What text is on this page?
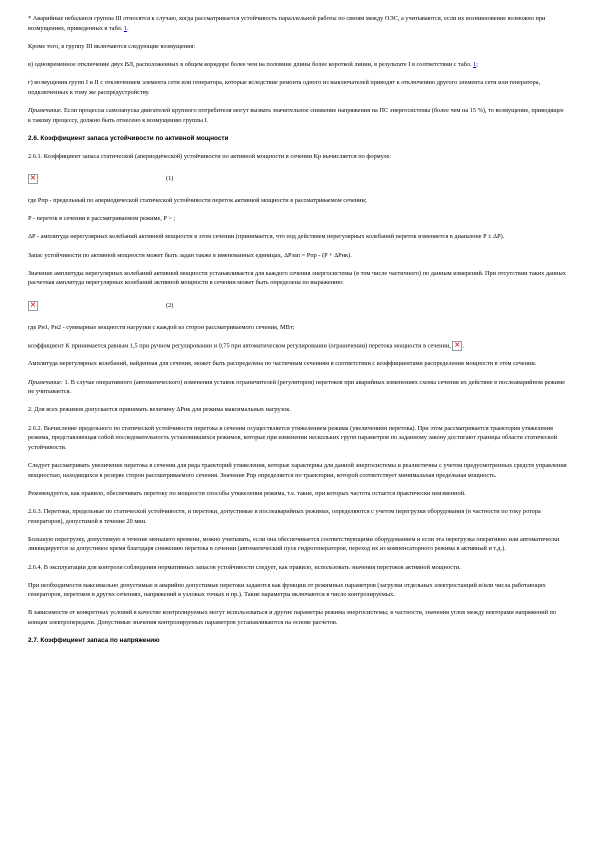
* Аварийные небаланси группы III относятся к случаю, когда рассматривается устойчивость параллельной работы по связям между ОЭС, а учитываются, если их возникновение возможно при возмущениях, приведенных в табл. 1.

Кроме того, в группу III включаются следующие возмущения:

в) одновременное отключение двух ВЛ, расположенных в общем коридоре более чем на половине длины более короткой линии, в результате I в соответствии с табл. 1;

г) возмущения групп I и II с отключением элемента сети или генератора, которые вследствие ремонта одного из выключателей приводят к отключению другого элемента сети или генератора, подключенных к тому же распредустройству.

Примечание. Если процессы самозапуска двигателей крупного потребителя могут вызвать значительное снижение напряжения на ПС энергосистемы (более чем на 15 %), то возмущение, приводящее к такому процессу, должно быть отнесено к возмущению группы I.

2.6. Коэффициент запаса устойчивости по активной мощности

2.6.1. Коэффициент запаса статической (апериодической) устойчивости по активной мощности в сечении Kp вычисляется по формуле:

×
(1)

где Pпр - предельный по апериодической статической устойчивости переток активной мощности в рассматриваемом сечении;

P - переток в сечении в рассматриваемом режиме, P > ;

ΔP - амплитуда нерегулярных колебаний активной мощности в этом сечении (принимается, что под действием нерегулярных колебаний переток изменяется в диапазоне P ± ΔP).

Запас устойчивости по активной мощности может быть задан также в именованных единицах, ΔPзап = Pпр - (P + ΔPнк).

Значение амплитуды нерегулярных колебаний активной мощности устанавливается для каждого сечения энергосистемы (в том числе частичного) по данным измерений. При отсутствии таких данных расчетная амплитуда нерегулярных колебаний активной мощности в сечении может быть определена по выражению:

×
(2)

где Pн1, Pн2 - суммарные мощности нагрузки с каждой из сторон рассматриваемого сечения, МВт;

коэффициент K принимается равным 1,5 при ручном регулировании и 0,75 при автоматическом регулировании (ограничении) перетока мощности в сечении, × .

Амплитуда нерегулярных колебаний, найденная для сечения, может быть распределена по частичным сечениям в соответствии с коэффициентами распределения мощности в этом сечении.

Примечание: 1. В случае оперативного (автоматического) изменения уставок ограничителей (регуляторов) перетоков при аварийных изменениях схемы сечения их действие в послеаварийном режиме не учитывается.

2. Для всех режимов допускается принимать величину ΔPнк для режима максимальных нагрузок.

2.6.2. Вычисление предельного по статической устойчивости перетока в сечении осуществляется утяжелением режима (увеличением перетока). При этом рассматривается траектория утяжеления режима, представляющая собой последовательность установившихся режимов, которые при изменении нескольких групп параметров по заданному закону достигают границы области статической устойчивости.

Следует рассматривать увеличение перетока в сечении для ряда траекторий утяжеления, которые характерны для данной энергосистемы и реалистичны с учетом предусмотренных средств управления мощностью, находящихся в резерве сторон рассматриваемого сечения. Значение Pпр определяется по траектории, которой соответствует минимальная предельная мощность.

Рекомендуется, как правило, обеспечивать перетоку по мощности способы утяжеления режима, т.е. такие, при которых частота остается практически неизменной.

2.6.3. Перетоки, предельные по статической устойчивости, и перетоки, допустимые в послеаварийных режимах, определяются с учетом перегрузки оборудования (в частности по току ротора генераторов), допустимой в течение 20 мин.

Большую перегрузку, допустимую в течение меньшего времени, можно учитывать, если она обеспечивается соответствующими оборудованием и если эта перегрузка оперативно или автоматически ликвидируется за допустимое время благодаря снижению перетока в сечении (автоматический пуск гидрогенераторов, переход их из компенсаторного режима в активный и т.д.).

2.6.4. В эксплуатации для контроля соблюдения нормативных запасов устойчивости следует, как правило, использовать значения перетоков активной мощности.

При необходимости максимально допустимые и аварийно допустимые перетоки задаются как функции от режимных параметров (загрузки отдельных электростанций и/или числа работающих генераторов, перетоков в других сечениях, напряжений в узловых точках и пр.). Такие параметры включаются в число контролируемых.

В зависимости от конкретных условий в качестве контролируемых могут использоваться и другие параметры режима энергосистемы; в частности, значения углов между векторами напряжений по концам электропередачи. Допустимые значения контролируемых параметров устанавливаются на основе расчетов.

2.7. Коэффициент запаса по напряжению
